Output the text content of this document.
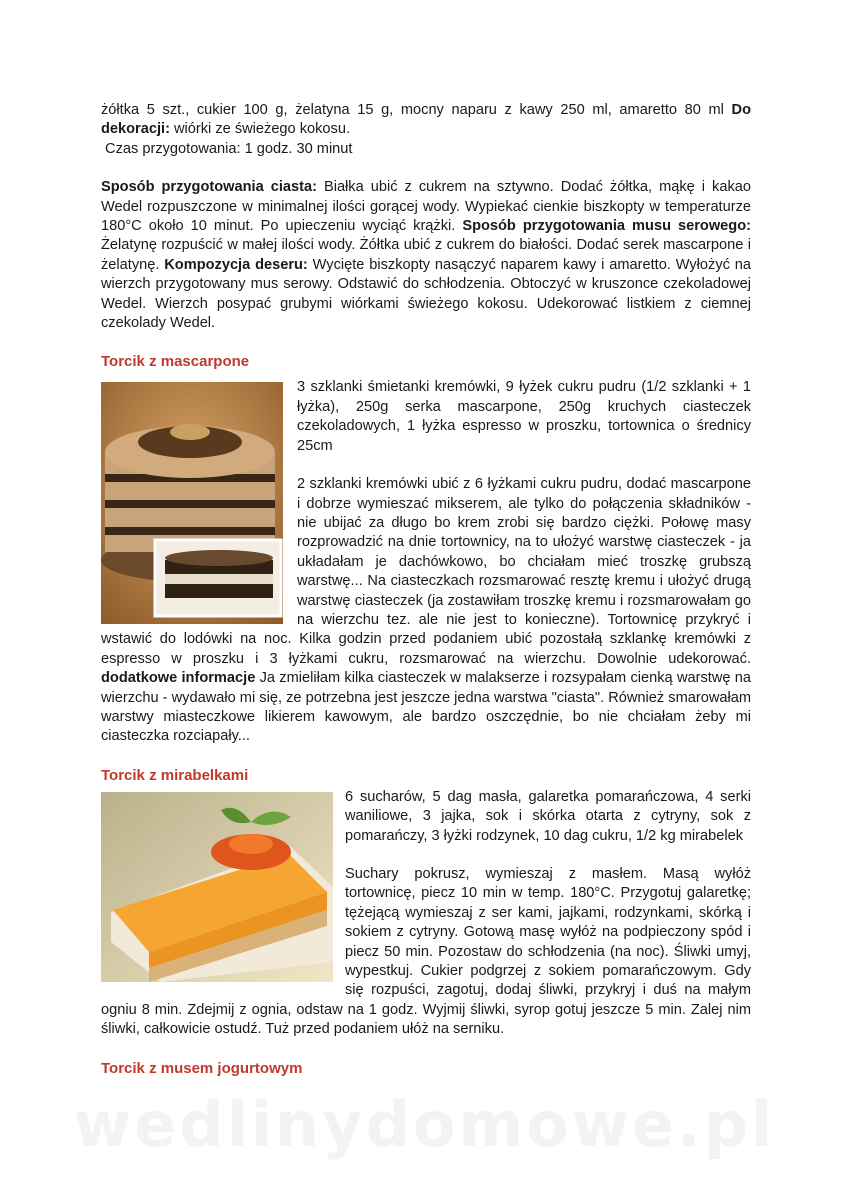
żółtka 5 szt., cukier 100 g, żelatyna 15 g, mocny naparu z kawy 250 ml, amaretto 80 ml Do dekoracji: wiórki ze świeżego kokosu.

Czas przygotowania: 1 godz. 30 minut

Sposób przygotowania ciasta: Białka ubić z cukrem na sztywno. Dodać żółtka, mąkę i kakao Wedel rozpuszczone w minimalnej ilości gorącej wody. Wypiekać cienkie biszkopty w temperaturze 180°C około 10 minut. Po upieczeniu wyciąć krążki. Sposób przygotowania musu serowego: Żelatynę rozpuścić w małej ilości wody. Żółtka ubić z cukrem do białości. Dodać serek mascarpone i żelatynę. Kompozycja deseru: Wycięte biszkopty nasączyć naparem kawy i amaretto. Wyłożyć na wierzch przygotowany mus serowy. Odstawić do schłodzenia. Obtoczyć w kruszonce czekoladowej Wedel. Wierzch posypać grubymi wiórkami świeżego kokosu. Udekorować listkiem z ciemnej czekolady Wedel.

Torcik z mascarpone

3 szklanki śmietanki kremówki, 9 łyżek cukru pudru (1/2 szklanki + 1 łyżka), 250g serka mascarpone, 250g kruchych ciasteczek czekoladowych, 1 łyżka espresso w proszku, tortownica o średnicy 25cm

2 szklanki kremówki ubić z 6 łyżkami cukru pudru, dodać mascarpone i dobrze wymieszać mikserem, ale tylko do połączenia składników - nie ubijać za długo bo krem zrobi się bardzo ciężki. Połowę masy rozprowadzić na dnie tortownicy, na to ułożyć warstwę ciasteczek - ja układałam je dachówkowo, bo chciałam mieć troszkę grubszą warstwę... Na ciasteczkach rozsmarować resztę kremu i ułożyć drugą warstwę ciasteczek (ja zostawiłam troszkę kremu i rozsmarowałam go na wierzchu tez. ale nie jest to konieczne). Tortownicę przykryć i wstawić do lodówki na noc. Kilka godzin przed podaniem ubić pozostałą szklankę kremówki z espresso w proszku i 3 łyżkami cukru, rozsmarować na wierzchu. Dowolnie udekorować. dodatkowe informacje Ja zmieliłam kilka ciasteczek w malakserze i rozsypałam cienką warstwę na wierzchu - wydawało mi się, ze potrzebna jest jeszcze jedna warstwa "ciasta". Również smarowałam warstwy miasteczkowe likierem kawowym, ale bardzo oszczędnie, bo nie chciałam żeby mi ciasteczka rozciapały...

Torcik z mirabelkami

6 sucharów, 5 dag masła, galaretka pomarańczowa, 4 serki waniliowe, 3 jajka, sok i skórka otarta z cytryny, sok z pomarańczy, 3 łyżki rodzynek, 10 dag cukru, 1/2 kg mirabelek

Suchary pokrusz, wymieszaj z masłem. Masą wyłóż tortownicę, piecz 10 min w temp. 180°C. Przygotuj galaretkę; tężejącą wymieszaj z ser kami, jajkami, rodzynkami, skórką i sokiem z cytryny. Gotową masę wyłóż na podpieczony spód i piecz 50 min. Pozostaw do schłodzenia (na noc). Śliwki umyj, wypestkuj. Cukier podgrzej z sokiem pomarańczowym. Gdy się rozpuści, zagotuj, dodaj śliwki, przykryj i duś na małym ogniu 8 min. Zdejmij z ognia, odstaw na 1 godz. Wyjmij śliwki, syrop gotuj jeszcze 5 min. Zalej nim śliwki, całkowicie ostudź. Tuż przed podaniem ułóż na serniku.

Torcik z musem jogurtowym
wedlinydomowe.pl
